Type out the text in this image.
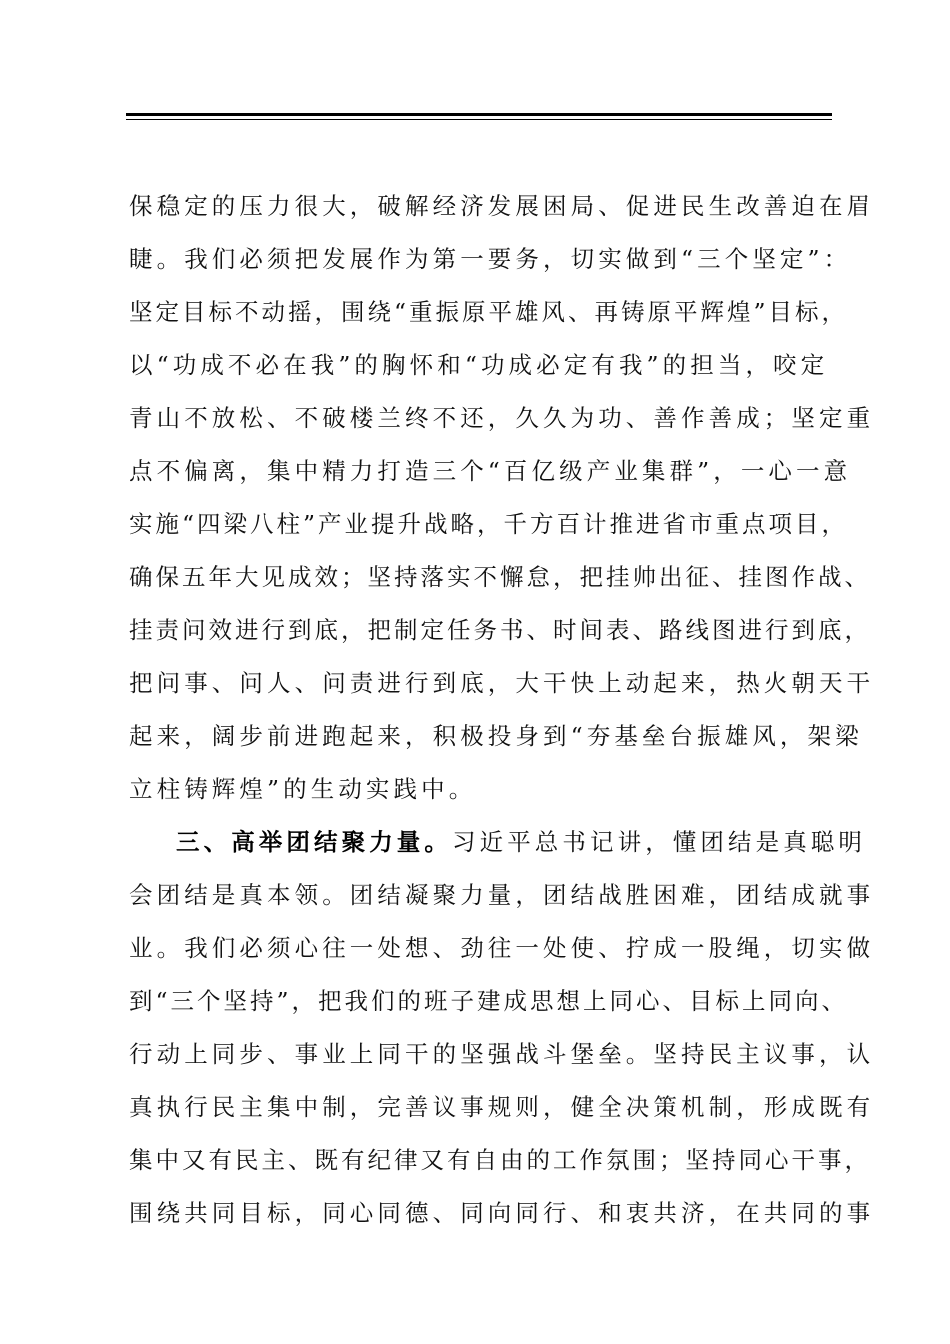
保稳定的压力很大，破解经济发展困局、促进民生改善迫在眉
睫。我们必须把发展作为第一要务，切实做到“三个坚定”：
坚定目标不动摇，围绕“重振原平雄风、再铸原平辉煌”目标，
以“功成不必在我”的胸怀和“功成必定有我”的担当，咬定
青山不放松、不破楼兰终不还，久久为功、善作善成；坚定重
点不偏离，集中精力打造三个“百亿级产业集群”，一心一意
实施“四梁八柱”产业提升战略，千方百计推进省市重点项目，
确保五年大见成效；坚持落实不懈怠，把挂帅出征、挂图作战、
挂责问效进行到底，把制定任务书、时间表、路线图进行到底，
把问事、问人、问责进行到底，大干快上动起来，热火朝天干
起来，阔步前进跑起来，积极投身到“夯基垒台振雄风，架梁
立柱铸辉煌”的生动实践中。
三、高举团结聚力量。习近平总书记讲，懂团结是真聪明
会团结是真本领。团结凝聚力量，团结战胜困难，团结成就事
业。我们必须心往一处想、劲往一处使、拧成一股绳，切实做
到“三个坚持”，把我们的班子建成思想上同心、目标上同向、
行动上同步、事业上同干的坚强战斗堡垒。坚持民主议事，认
真执行民主集中制，完善议事规则，健全决策机制，形成既有
集中又有民主、既有纪律又有自由的工作氛围；坚持同心干事，
围绕共同目标，同心同德、同向同行、和衷共济，在共同的事
